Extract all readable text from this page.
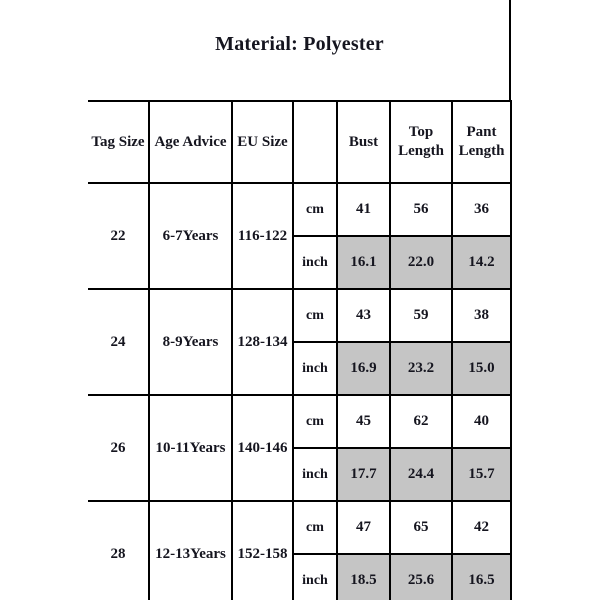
Material: Polyester
Tag Size	Age Advice	EU Size		Bust	Top Length	Pant Length
22	6-7Years	116-122	cm	41	56	36
			inch	16.1	22.0	14.2
24	8-9Years	128-134	cm	43	59	38
			inch	16.9	23.2	15.0
26	10-11Years	140-146	cm	45	62	40
			inch	17.7	24.4	15.7
28	12-13Years	152-158	cm	47	65	42
			inch	18.5	25.6	16.5
